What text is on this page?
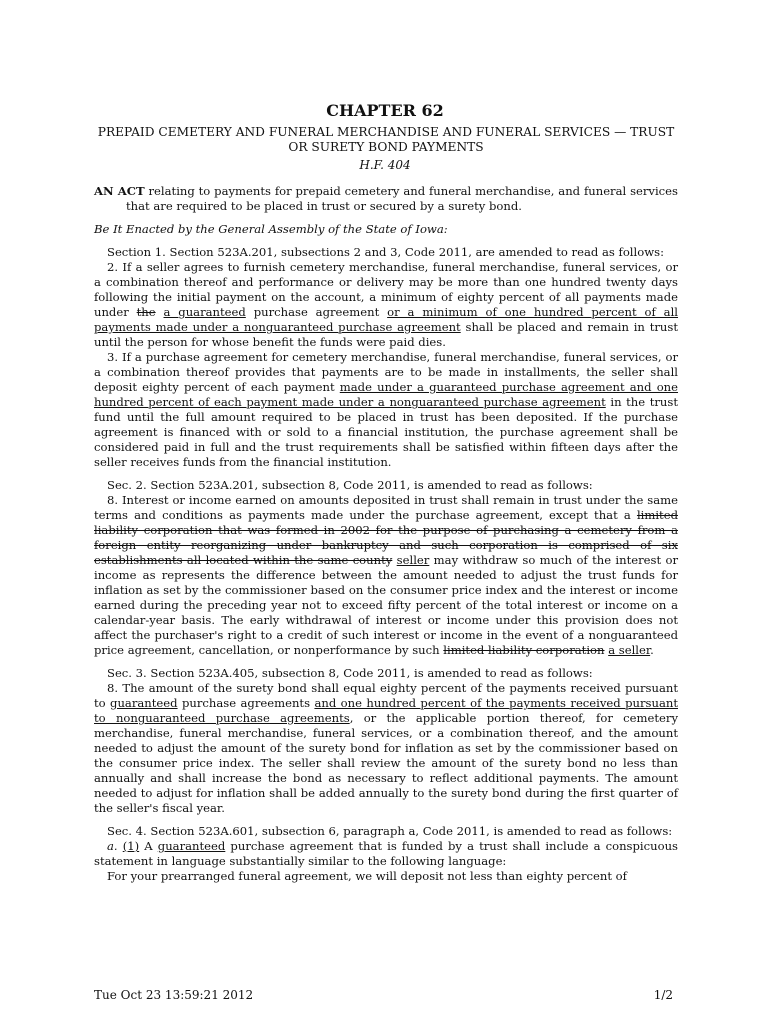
CHAPTER 62
PREPAID CEMETERY AND FUNERAL MERCHANDISE AND FUNERAL SERVICES — TRUST OR SURETY BOND PAYMENTS
H.F. 404

AN ACT relating to payments for prepaid cemetery and funeral merchandise, and funeral services that are required to be placed in trust or secured by a surety bond.

Be It Enacted by the General Assembly of the State of Iowa:

Section 1. Section 523A.201, subsections 2 and 3, Code 2011, are amended to read as follows:

2. If a seller agrees to furnish cemetery merchandise, funeral merchandise, funeral services, or a combination thereof and performance or delivery may be more than one hundred twenty days following the initial payment on the account, a minimum of eighty percent of all payments made under the a guaranteed purchase agreement or a minimum of one hundred percent of all payments made under a nonguaranteed purchase agreement shall be placed and remain in trust until the person for whose benefit the funds were paid dies.

3. If a purchase agreement for cemetery merchandise, funeral merchandise, funeral services, or a combination thereof provides that payments are to be made in installments, the seller shall deposit eighty percent of each payment made under a guaranteed purchase agreement and one hundred percent of each payment made under a nonguaranteed purchase agreement in the trust fund until the full amount required to be placed in trust has been deposited. If the purchase agreement is financed with or sold to a financial institution, the purchase agreement shall be considered paid in full and the trust requirements shall be satisfied within fifteen days after the seller receives funds from the financial institution.

Sec. 2. Section 523A.201, subsection 8, Code 2011, is amended to read as follows:

8. Interest or income earned on amounts deposited in trust shall remain in trust under the same terms and conditions as payments made under the purchase agreement, except that a limited liability corporation that was formed in 2002 for the purpose of purchasing a cemetery from a foreign entity reorganizing under bankruptcy and such corporation is comprised of six establishments all located within the same county seller may withdraw so much of the interest or income as represents the difference between the amount needed to adjust the trust funds for inflation as set by the commissioner based on the consumer price index and the interest or income earned during the preceding year not to exceed fifty percent of the total interest or income on a calendar-year basis. The early withdrawal of interest or income under this provision does not affect the purchaser's right to a credit of such interest or income in the event of a nonguaranteed price agreement, cancellation, or nonperformance by such limited liability corporation a seller.

Sec. 3. Section 523A.405, subsection 8, Code 2011, is amended to read as follows:

8. The amount of the surety bond shall equal eighty percent of the payments received pursuant to guaranteed purchase agreements and one hundred percent of the payments received pursuant to nonguaranteed purchase agreements, or the applicable portion thereof, for cemetery merchandise, funeral merchandise, funeral services, or a combination thereof, and the amount needed to adjust the amount of the surety bond for inflation as set by the commissioner based on the consumer price index. The seller shall review the amount of the surety bond no less than annually and shall increase the bond as necessary to reflect additional payments. The amount needed to adjust for inflation shall be added annually to the surety bond during the first quarter of the seller's fiscal year.

Sec. 4. Section 523A.601, subsection 6, paragraph a, Code 2011, is amended to read as follows:

a. (1) A guaranteed purchase agreement that is funded by a trust shall include a conspicuous statement in language substantially similar to the following language:

For your prearranged funeral agreement, we will deposit not less than eighty percent of

Tue Oct 23 13:59:21 2012	1/2
